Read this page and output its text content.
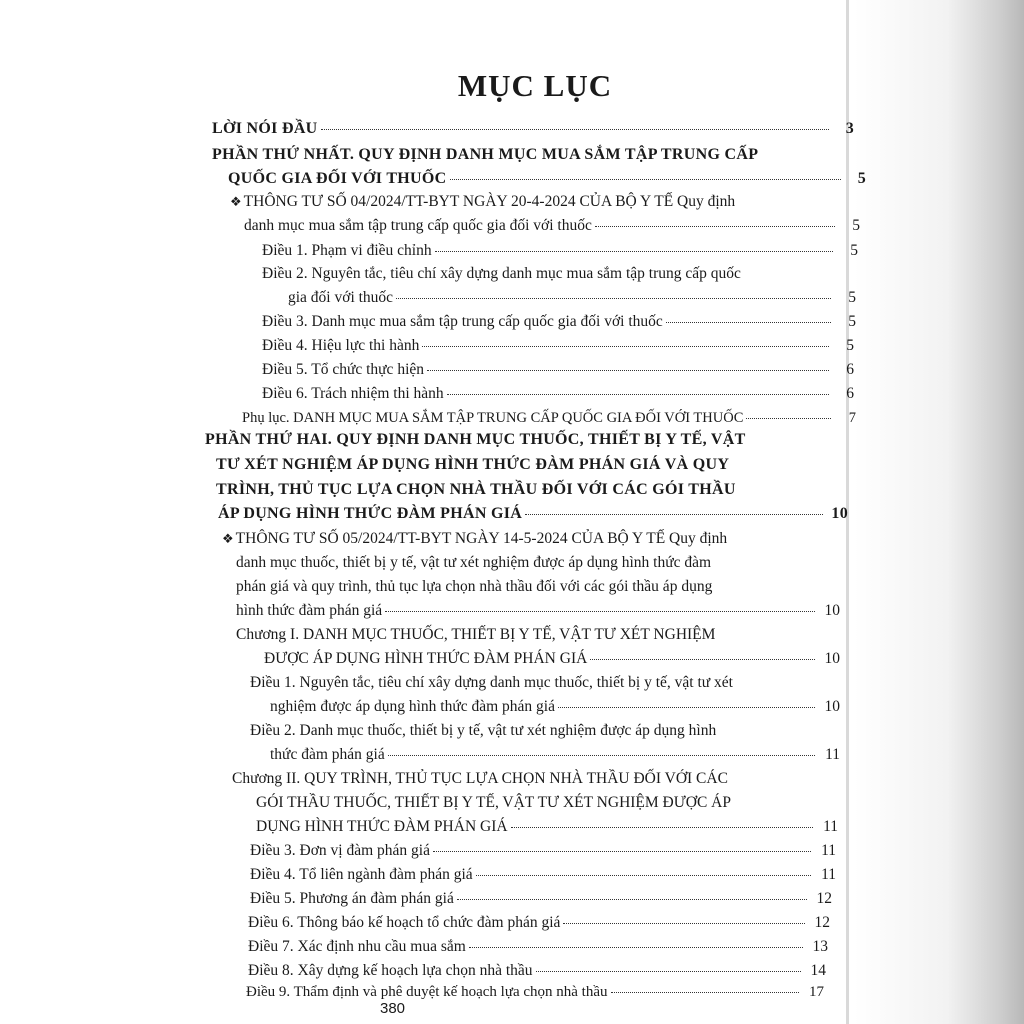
MỤC LỤC
LỜI NÓI ĐẦU	3
PHẦN THỨ NHẤT. QUY ĐỊNH DANH MỤC MUA SẮM TẬP TRUNG CẤP
QUỐC GIA ĐỐI VỚI THUỐC	5
❖ THÔNG TƯ SỐ 04/2024/TT-BYT NGÀY 20-4-2024 CỦA BỘ Y TẾ Quy định
danh mục mua sắm tập trung cấp quốc gia đối với thuốc	5
Điều 1. Phạm vi điều chỉnh	5
Điều 2. Nguyên tắc, tiêu chí xây dựng danh mục mua sắm tập trung cấp quốc
gia đối với thuốc	5
Điều 3. Danh mục mua sắm tập trung cấp quốc gia đối với thuốc	5
Điều 4. Hiệu lực thi hành	5
Điều 5. Tổ chức thực hiện	6
Điều 6. Trách nhiệm thi hành	6
Phụ lục. DANH MỤC MUA SẮM TẬP TRUNG CẤP QUỐC GIA ĐỐI VỚI THUỐC	7
PHẦN THỨ HAI. QUY ĐỊNH DANH MỤC THUỐC, THIẾT BỊ Y TẾ, VẬT
TƯ XÉT NGHIỆM ÁP DỤNG HÌNH THỨC ĐÀM PHÁN GIÁ VÀ QUY
TRÌNH, THỦ TỤC LỰA CHỌN NHÀ THẦU ĐỐI VỚI CÁC GÓI THẦU
ÁP DỤNG HÌNH THỨC ĐÀM PHÁN GIÁ	10
❖ THÔNG TƯ SỐ 05/2024/TT-BYT NGÀY 14-5-2024 CỦA BỘ Y TẾ Quy định
danh mục thuốc, thiết bị y tế, vật tư xét nghiệm được áp dụng hình thức đàm
phán giá và quy trình, thủ tục lựa chọn nhà thầu đối với các gói thầu áp dụng
hình thức đàm phán giá	10
Chương I. DANH MỤC THUỐC, THIẾT BỊ Y TẾ, VẬT TƯ XÉT NGHIỆM
ĐƯỢC ÁP DỤNG HÌNH THỨC ĐÀM PHÁN GIÁ	10
Điều 1. Nguyên tắc, tiêu chí xây dựng danh mục thuốc, thiết bị y tế, vật tư xét
nghiệm được áp dụng hình thức đàm phán giá	10
Điều 2. Danh mục thuốc, thiết bị y tế, vật tư xét nghiệm được áp dụng hình
thức đàm phán giá	11
Chương II. QUY TRÌNH, THỦ TỤC LỰA CHỌN NHÀ THẦU ĐỐI VỚI CÁC
GÓI THẦU THUỐC, THIẾT BỊ Y TẾ, VẬT TƯ XÉT NGHIỆM ĐƯỢC ÁP
DỤNG HÌNH THỨC ĐÀM PHÁN GIÁ	11
Điều 3. Đơn vị đàm phán giá	11
Điều 4. Tổ liên ngành đàm phán giá	11
Điều 5. Phương án đàm phán giá	12
Điều 6. Thông báo kế hoạch tổ chức đàm phán giá	12
Điều 7. Xác định nhu cầu mua sắm	13
Điều 8. Xây dựng kế hoạch lựa chọn nhà thầu	14
Điều 9. Thẩm định và phê duyệt kế hoạch lựa chọn nhà thầu	17
380
